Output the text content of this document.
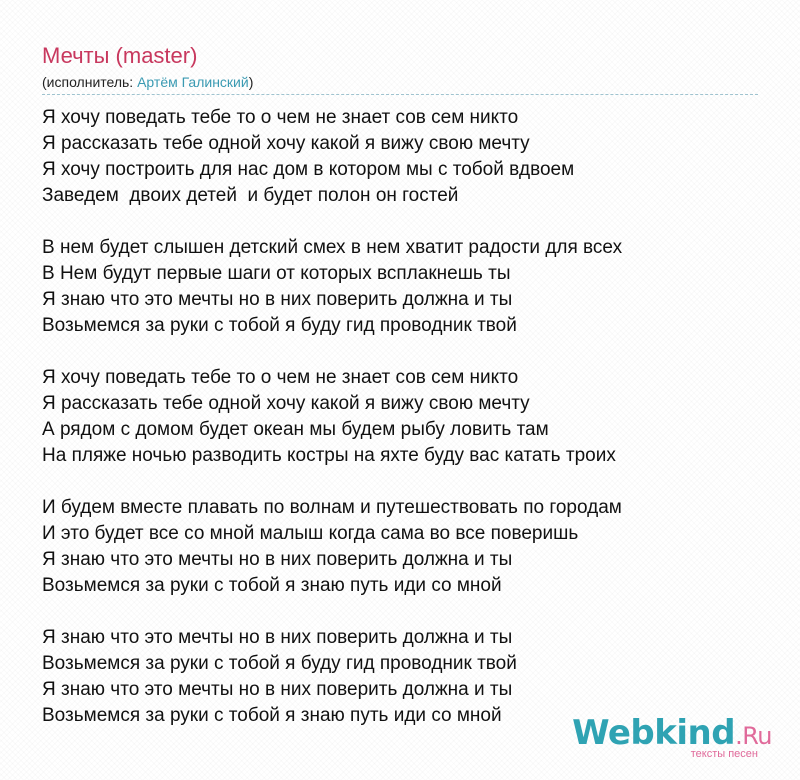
Мечты (master)
(исполнитель: Артём Галинский)
Я хочу поведать тебе то о чем не знает сов сем никто
Я рассказать тебе одной хочу какой я вижу свою мечту
Я хочу построить для нас дом в котором мы с тобой вдвоем
Заведем  двоих детей  и будет полон он гостей
В нем будет слышен детский смех в нем хватит радости для всех
В Нем будут первые шаги от которых всплакнешь ты
Я знаю что это мечты но в них поверить должна и ты
Возьмемся за руки с тобой я буду гид проводник твой
Я хочу поведать тебе то о чем не знает сов сем никто
Я рассказать тебе одной хочу какой я вижу свою мечту
А рядом с домом будет океан мы будем рыбу ловить там
На пляже ночью разводить костры на яхте буду вас катать троих
И будем вместе плавать по волнам и путешествовать по городам
И это будет все со мной малыш когда сама во все поверишь
Я знаю что это мечты но в них поверить должна и ты
Возьмемся за руки с тобой я знаю путь иди со мной
Я знаю что это мечты но в них поверить должна и ты
Возьмемся за руки с тобой я буду гид проводник твой
Я знаю что это мечты но в них поверить должна и ты
Возьмемся за руки с тобой я знаю путь иди со мной	Webkind.Ru
тексты песен
